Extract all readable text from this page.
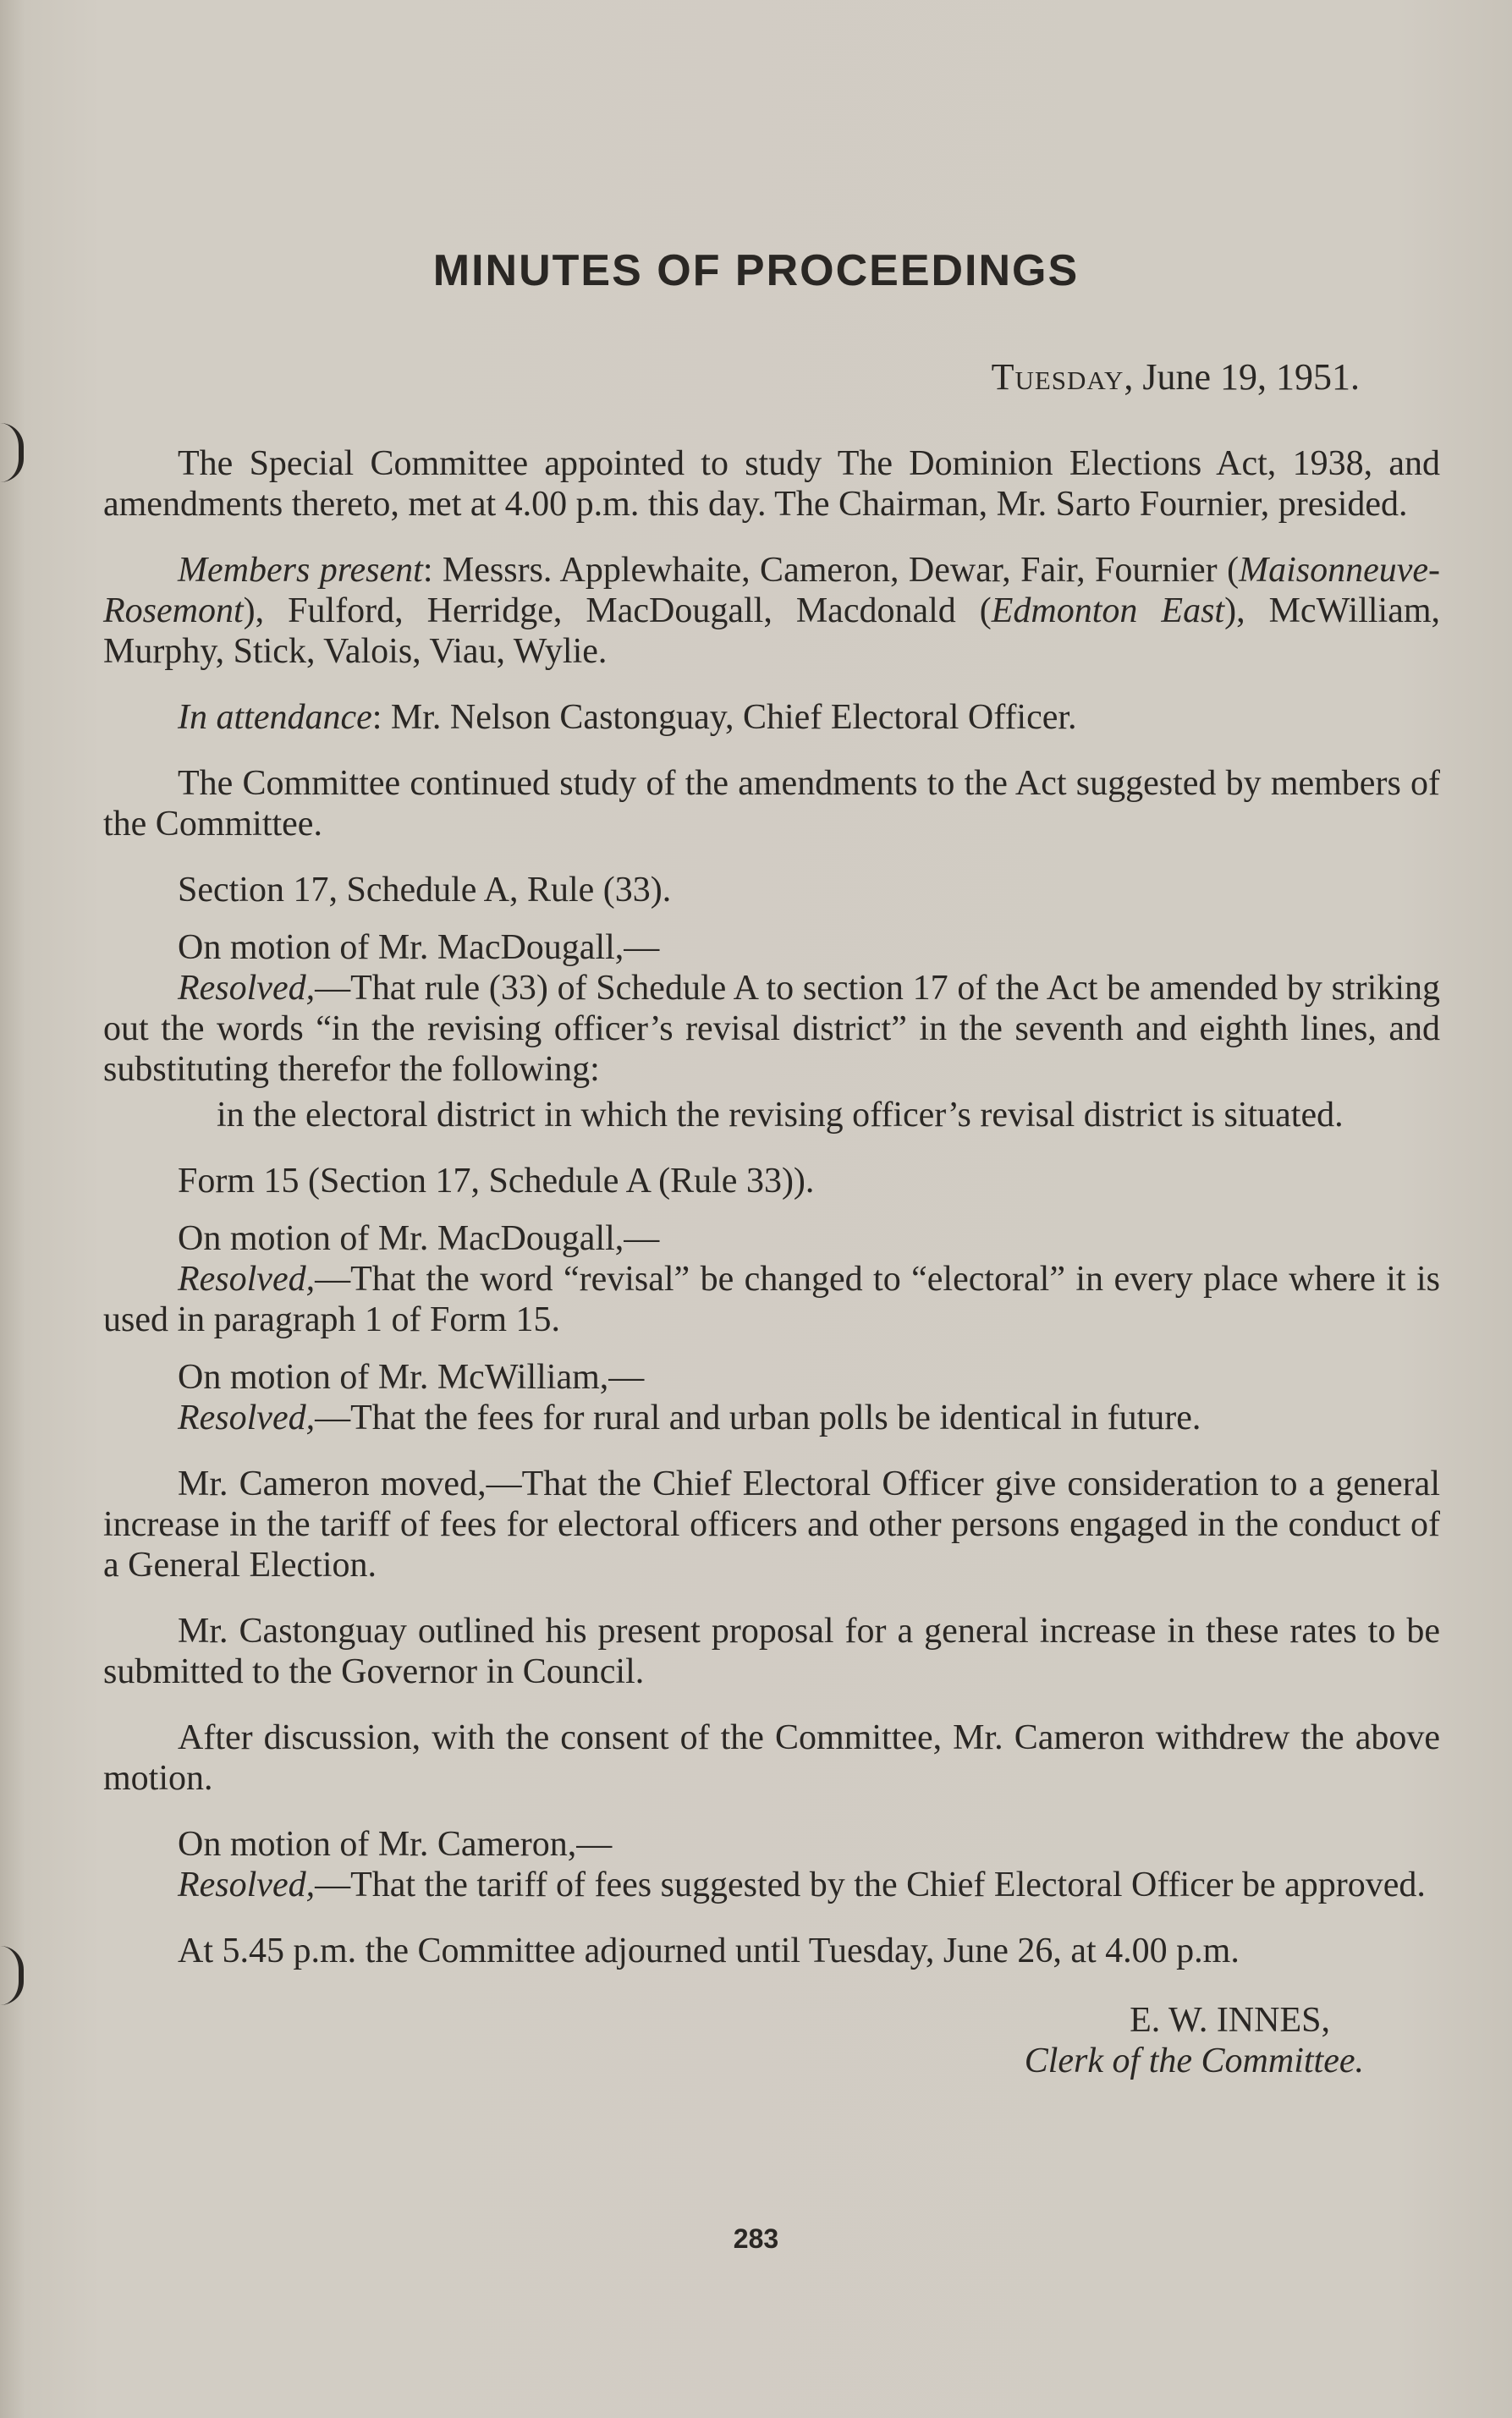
MINUTES OF PROCEEDINGS
Tuesday, June 19, 1951.

The Special Committee appointed to study The Dominion Elections Act, 1938, and amendments thereto, met at 4.00 p.m. this day. The Chairman, Mr. Sarto Fournier, presided.

Members present: Messrs. Applewhaite, Cameron, Dewar, Fair, Fournier (Maisonneuve-Rosemont), Fulford, Herridge, MacDougall, Macdonald (Edmonton East), McWilliam, Murphy, Stick, Valois, Viau, Wylie.

In attendance: Mr. Nelson Castonguay, Chief Electoral Officer.

The Committee continued study of the amendments to the Act suggested by members of the Committee.

Section 17, Schedule A, Rule (33).

On motion of Mr. MacDougall,—

Resolved,—That rule (33) of Schedule A to section 17 of the Act be amended by striking out the words “in the revising officer’s revisal district” in the seventh and eighth lines, and substituting therefor the following:

in the electoral district in which the revising officer’s revisal district is situated.

Form 15 (Section 17, Schedule A (Rule 33)).

On motion of Mr. MacDougall,—

Resolved,—That the word “revisal” be changed to “electoral” in every place where it is used in paragraph 1 of Form 15.

On motion of Mr. McWilliam,—

Resolved,—That the fees for rural and urban polls be identical in future.

Mr. Cameron moved,—That the Chief Electoral Officer give consideration to a general increase in the tariff of fees for electoral officers and other persons engaged in the conduct of a General Election.

Mr. Castonguay outlined his present proposal for a general increase in these rates to be submitted to the Governor in Council.

After discussion, with the consent of the Committee, Mr. Cameron withdrew the above motion.

On motion of Mr. Cameron,—

Resolved,—That the tariff of fees suggested by the Chief Electoral Officer be approved.

At 5.45 p.m. the Committee adjourned until Tuesday, June 26, at 4.00 p.m.

E. W. INNES,
Clerk of the Committee.
283
